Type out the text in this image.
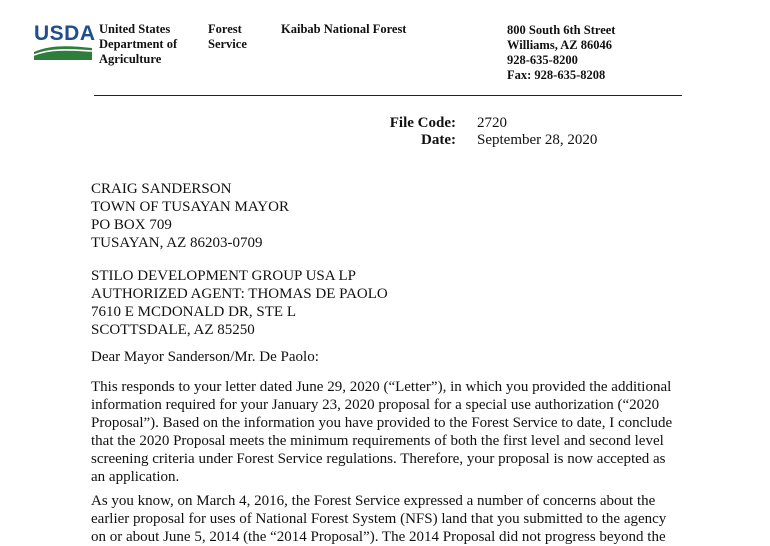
USDA United States
Department of
Agriculture
Forest
Service
Kaibab National Forest	800 South 6th Street
Williams, AZ 86046
928-635-8200
Fax: 928-635-8208
File Code: 2720
Date: September 28, 2020
CRAIG SANDERSON
TOWN OF TUSAYAN MAYOR
PO BOX 709
TUSAYAN, AZ 86203-0709
STILO DEVELOPMENT GROUP USA LP
AUTHORIZED AGENT: THOMAS DE PAOLO
7610 E MCDONALD DR, STE L
SCOTTSDALE, AZ 85250
Dear Mayor Sanderson/Mr. De Paolo:
This responds to your letter dated June 29, 2020 (“Letter”), in which you provided the additional
information required for your January 23, 2020 proposal for a special use authorization (“2020
Proposal”). Based on the information you have provided to the Forest Service to date, I conclude
that the 2020 Proposal meets the minimum requirements of both the first level and second level
screening criteria under Forest Service regulations. Therefore, your proposal is now accepted as
an application.
As you know, on March 4, 2016, the Forest Service expressed a number of concerns about the
earlier proposal for uses of National Forest System (NFS) land that you submitted to the agency
on or about June 5, 2014 (the “2014 Proposal”). The 2014 Proposal did not progress beyond the
